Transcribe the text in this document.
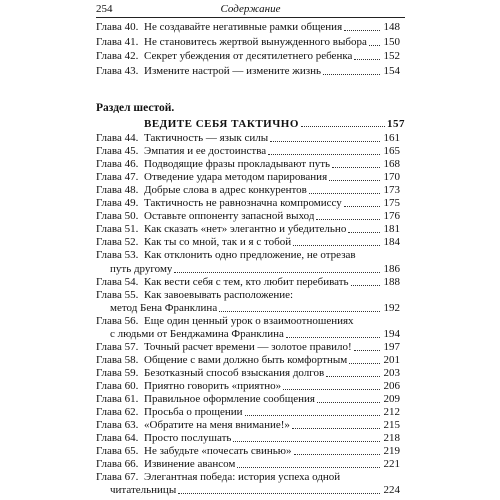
254	Содержание
Глава 40. Не создавайте негативные рамки общения	148
Глава 41. Не становитесь жертвой вынужденного выбора 150
Глава 42. Секрет убеждения от десятилетнего ребенка	152
Глава 43. Измените настрой — измените жизнь	154
Раздел шестой.
ВЕДИТЕ СЕБЯ ТАКТИЧНО	157
Глава 44. Тактичность — язык силы	161
Глава 45. Эмпатия и ее достоинства	165
Глава 46. Подводящие фразы прокладывают путь	168
Глава 47. Отведение удара методом парирования	170
Глава 48. Добрые слова в адрес конкурентов	173
Глава 49. Тактичность не равнозначна компромиссу	175
Глава 50. Оставьте оппоненту запасной выход	176
Глава 51. Как сказать «нет» элегантно и убедительно	181
Глава 52. Как ты со мной, так и я с тобой	184
Глава 53. Как отклонить одно предложение, не отрезав
путь другому	186
Глава 54. Как вести себя с тем, кто любит перебивать	188
Глава 55. Как завоевывать расположение:
метод Бена Франклина	192
Глава 56. Еще один ценный урок о взаимоотношениях
с людьми от Бенджамина Франклина	194
Глава 57. Точный расчет времени — золотое правило!	197
Глава 58. Общение с вами должно быть комфортным	201
Глава 59. Безотказный способ взыскания долгов	203
Глава 60. Приятно говорить «приятно»	206
Глава 61. Правильное оформление сообщения	209
Глава 62. Просьба о прощении	212
Глава 63. «Обратите на меня внимание!»	215
Глава 64. Просто послушать	218
Глава 65. Не забудьте «почесать свинью»	219
Глава 66. Извинение авансом	221
Глава 67. Элегантная победа: история успеха одной
читательницы	224
